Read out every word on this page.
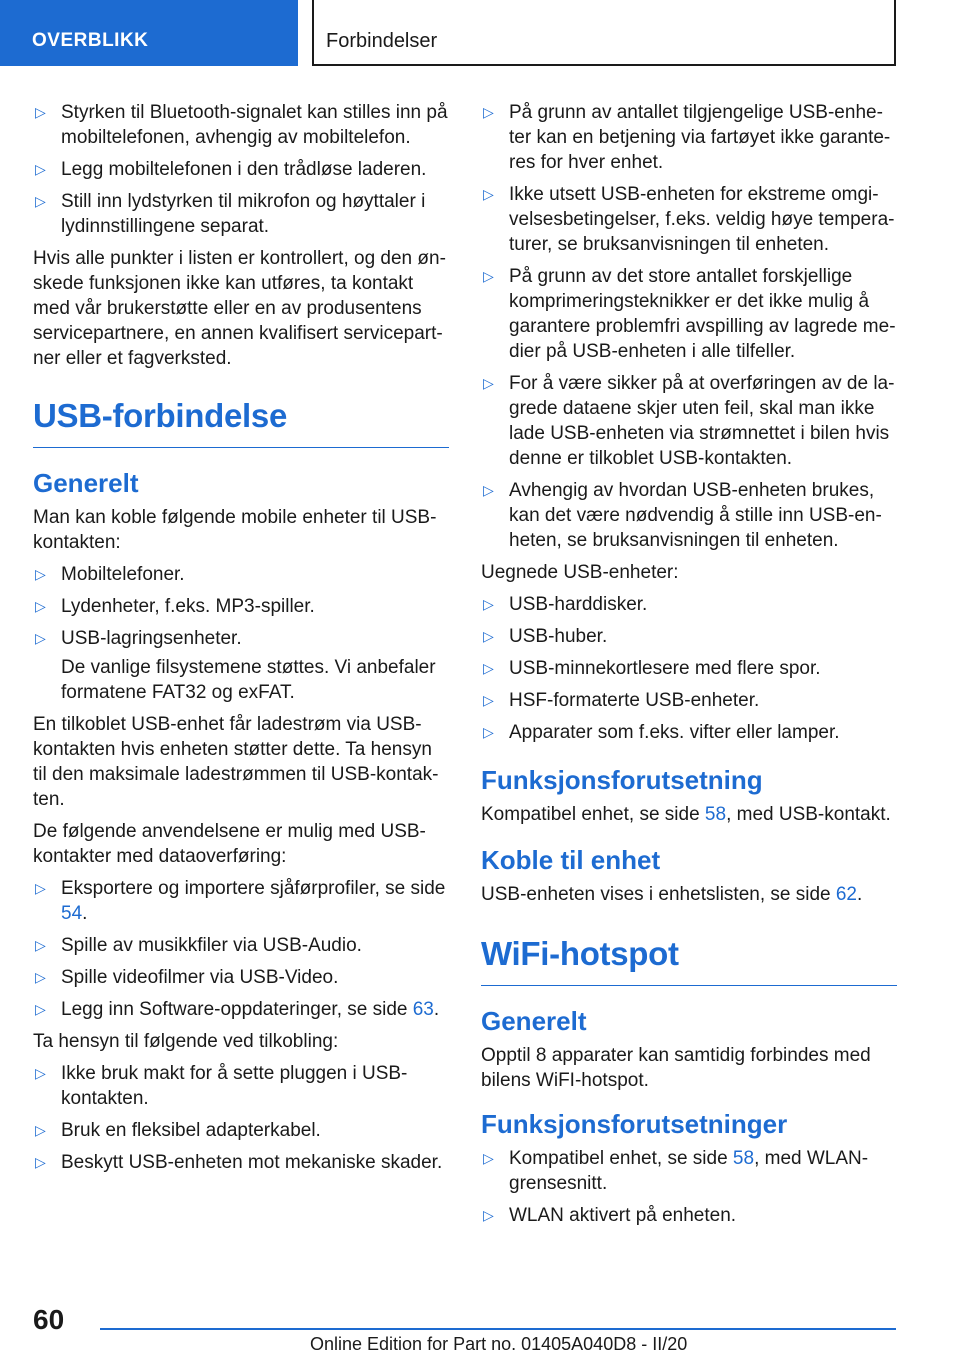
OVERBLIKK	Forbindelser
▷ Styrken til Bluetooth-signalet kan stilles inn på mobiltelefonen, avhengig av mobiltelefon.
▷ Legg mobiltelefonen i den trådløse laderen.
▷ Still inn lydstyrken til mikrofon og høyttaler i lydinnstillingene separat.

Hvis alle punkter i listen er kontrollert, og den øn-skede funksjonen ikke kan utføres, ta kontakt med vår brukerstøtte eller en av produsentens servicepartnere, en annen kvalifisert servicepart-ner eller et fagverksted.

USB-forbindelse
Generelt

Man kan koble følgende mobile enheter til USB-kontakten:

▷ Mobiltelefoner.
▷ Lydenheter, f.eks. MP3-spiller.
▷ USB-lagringsenheter.

De vanlige filsystemene støttes. Vi anbefaler formatene FAT32 og exFAT.

En tilkoblet USB-enhet får ladestrøm via USB-kontakten hvis enheten støtter dette. Ta hensyn til den maksimale ladestrømmen til USB-kontak-ten.

De følgende anvendelsene er mulig med USB-kontakter med dataoverføring:

▷ Eksportere og importere sjåførprofiler, se side 54.
▷ Spille av musikkfiler via USB-Audio.
▷ Spille videofilmer via USB-Video.
▷ Legg inn Software-oppdateringer, se side 63.

Ta hensyn til følgende ved tilkobling:

▷ Ikke bruk makt for å sette pluggen i USB-kontakten.
▷ Bruk en fleksibel adapterkabel.
▷ Beskytt USB-enheten mot mekaniske skader.
▷ På grunn av antallet tilgjengelige USB-enhe-ter kan en betjening via fartøyet ikke garante-res for hver enhet.
▷ Ikke utsett USB-enheten for ekstreme omgi-velsesbetingelser, f.eks. veldig høye tempera-turer, se bruksanvisningen til enheten.
▷ På grunn av det store antallet forskjellige komprimeringsteknikker er det ikke mulig å garantere problemfri avspilling av lagrede me-dier på USB-enheten i alle tilfeller.
▷ For å være sikker på at overføringen av de la-grede dataene skjer uten feil, skal man ikke lade USB-enheten via strømnettet i bilen hvis denne er tilkoblet USB-kontakten.
▷ Avhengig av hvordan USB-enheten brukes, kan det være nødvendig å stille inn USB-en-heten, se bruksanvisningen til enheten.

Uegnede USB-enheter:

▷ USB-harddisker.
▷ USB-huber.
▷ USB-minnekortlesere med flere spor.
▷ HSF-formaterte USB-enheter.
▷ Apparater som f.eks. vifter eller lamper.
Funksjonsforutsetning

Kompatibel enhet, se side 58, med USB-kontakt.

Koble til enhet

USB-enheten vises i enhetslisten, se side 62.

WiFi-hotspot
Generelt

Opptil 8 apparater kan samtidig forbindes med bilens WiFI-hotspot.

Funksjonsforutsetninger
▷ Kompatibel enhet, se side 58, med WLAN-grensesnitt.
▷ WLAN aktivert på enheten.
60
Online Edition for Part no. 01405A040D8 - II/20
